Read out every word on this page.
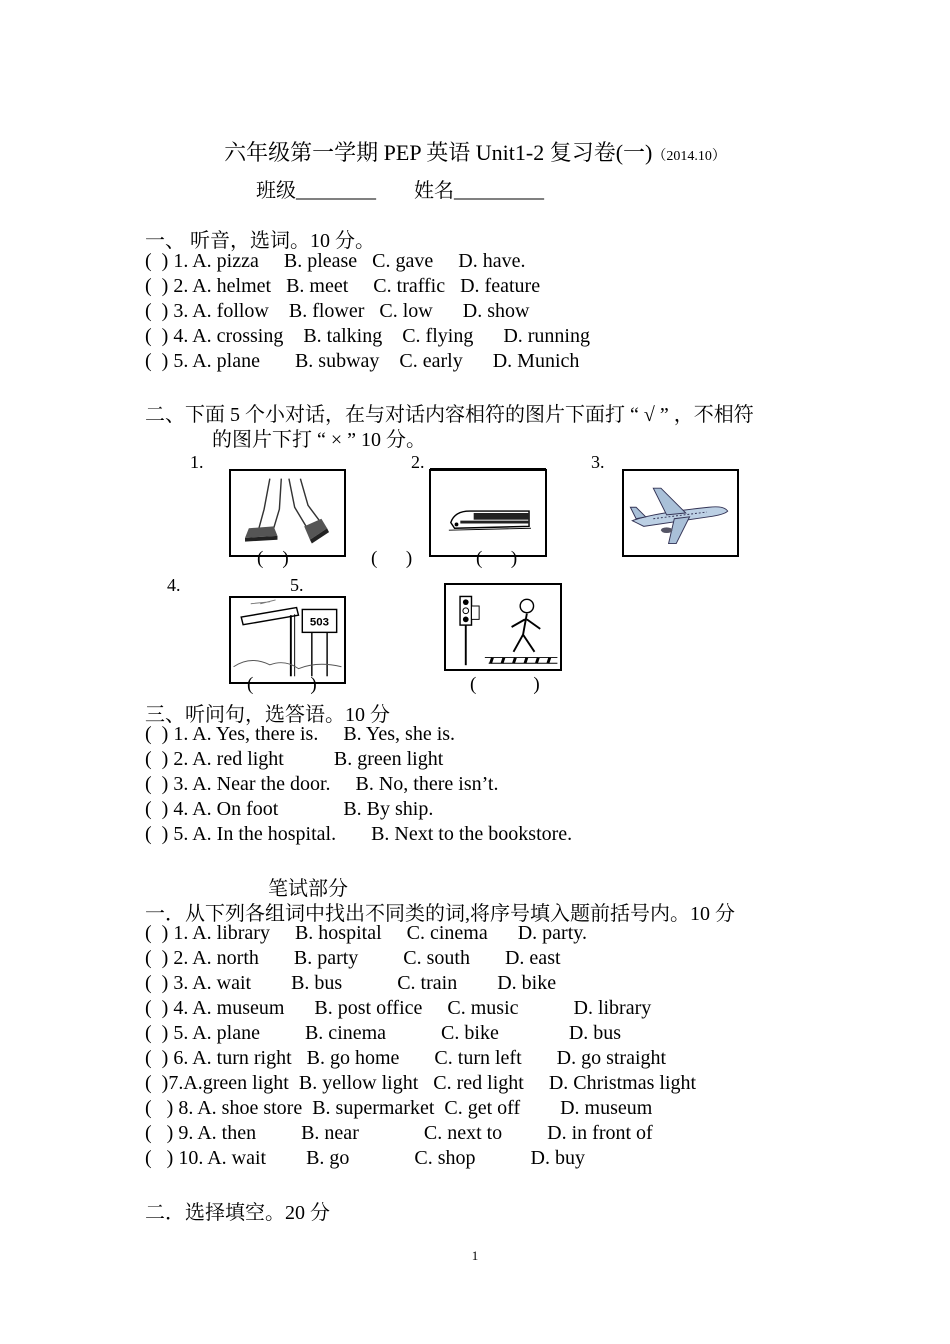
六年级第一学期 PEP 英语 Unit1-2 复习卷(一)（2014.10）
班级________ 姓名_________
一、 听音，选词。10 分。
(  ) 1. A. pizza     B. please   C. gave     D. have.
(  ) 2. A. helmet   B. meet     C. traffic   D. feature
(  ) 3. A. follow    B. flower   C. low      D. show
(  ) 4. A. crossing    B. talking    C. flying      D. running
(  ) 5. A. plane       B. subway    C. early      D. Munich
二、下面 5 个小对话，在与对话内容相符的图片下面打 “ √ ” ，不相符
的图片下打 “ × ” 10 分。
1.	2.	3.
(    )	(      )	(      )
4.	5.
503
(            )	(            )
三、听问句，选答语。10 分
(  ) 1. A. Yes, there is.     B. Yes, she is.
(  ) 2. A. red light          B. green light
(  ) 3. A. Near the door.     B. No, there isn’t.
(  ) 4. A. On foot             B. By ship.
(  ) 5. A. In the hospital.       B. Next to the bookstore.
笔试部分
一．从下列各组词中找出不同类的词,将序号填入题前括号内。10 分
(  ) 1. A. library     B. hospital     C. cinema      D. party.
(  ) 2. A. north       B. party         C. south       D. east
(  ) 3. A. wait        B. bus           C. train        D. bike
(  ) 4. A. museum      B. post office     C. music           D. library
(  ) 5. A. plane         B. cinema           C. bike              D. bus
(  ) 6. A. turn right   B. go home       C. turn left       D. go straight
(  )7.A.green light  B. yellow light   C. red light     D. Christmas light
(   ) 8. A. shoe store  B. supermarket  C. get off        D. museum
(   ) 9. A. then         B. near             C. next to         D. in front of
(   ) 10. A. wait        B. go             C. shop           D. buy
二．选择填空。20 分
1
